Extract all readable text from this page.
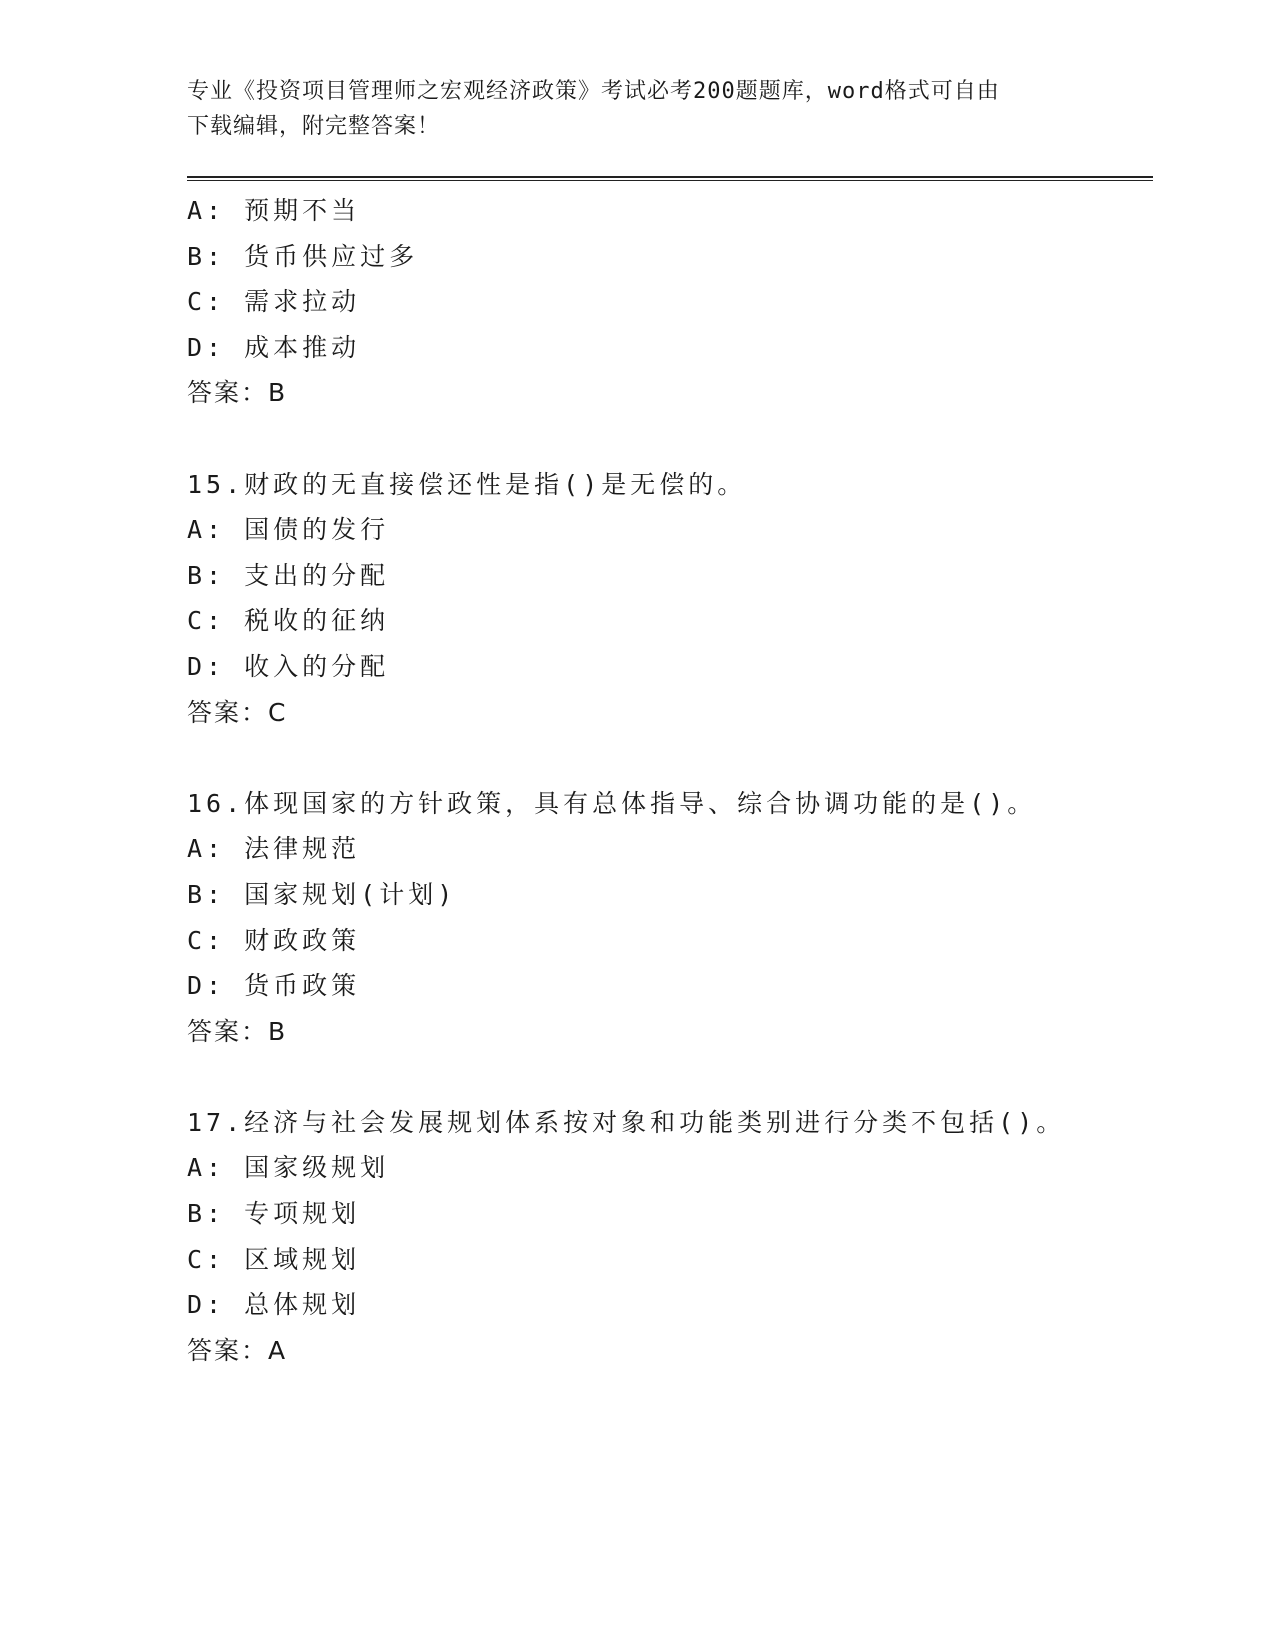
专业《投资项目管理师之宏观经济政策》考试必考200题题库，word格式可自由
下载编辑，附完整答案！
A: 预期不当
B: 货币供应过多
C: 需求拉动
D: 成本推动
答案：B
15.财政的无直接偿还性是指()是无偿的。
A: 国债的发行
B: 支出的分配
C: 税收的征纳
D: 收入的分配
答案：C
16.体现国家的方针政策，具有总体指导、综合协调功能的是()。
A: 法律规范
B: 国家规划(计划)
C: 财政政策
D: 货币政策
答案：B
17.经济与社会发展规划体系按对象和功能类别进行分类不包括()。
A: 国家级规划
B: 专项规划
C: 区域规划
D: 总体规划
答案：A
